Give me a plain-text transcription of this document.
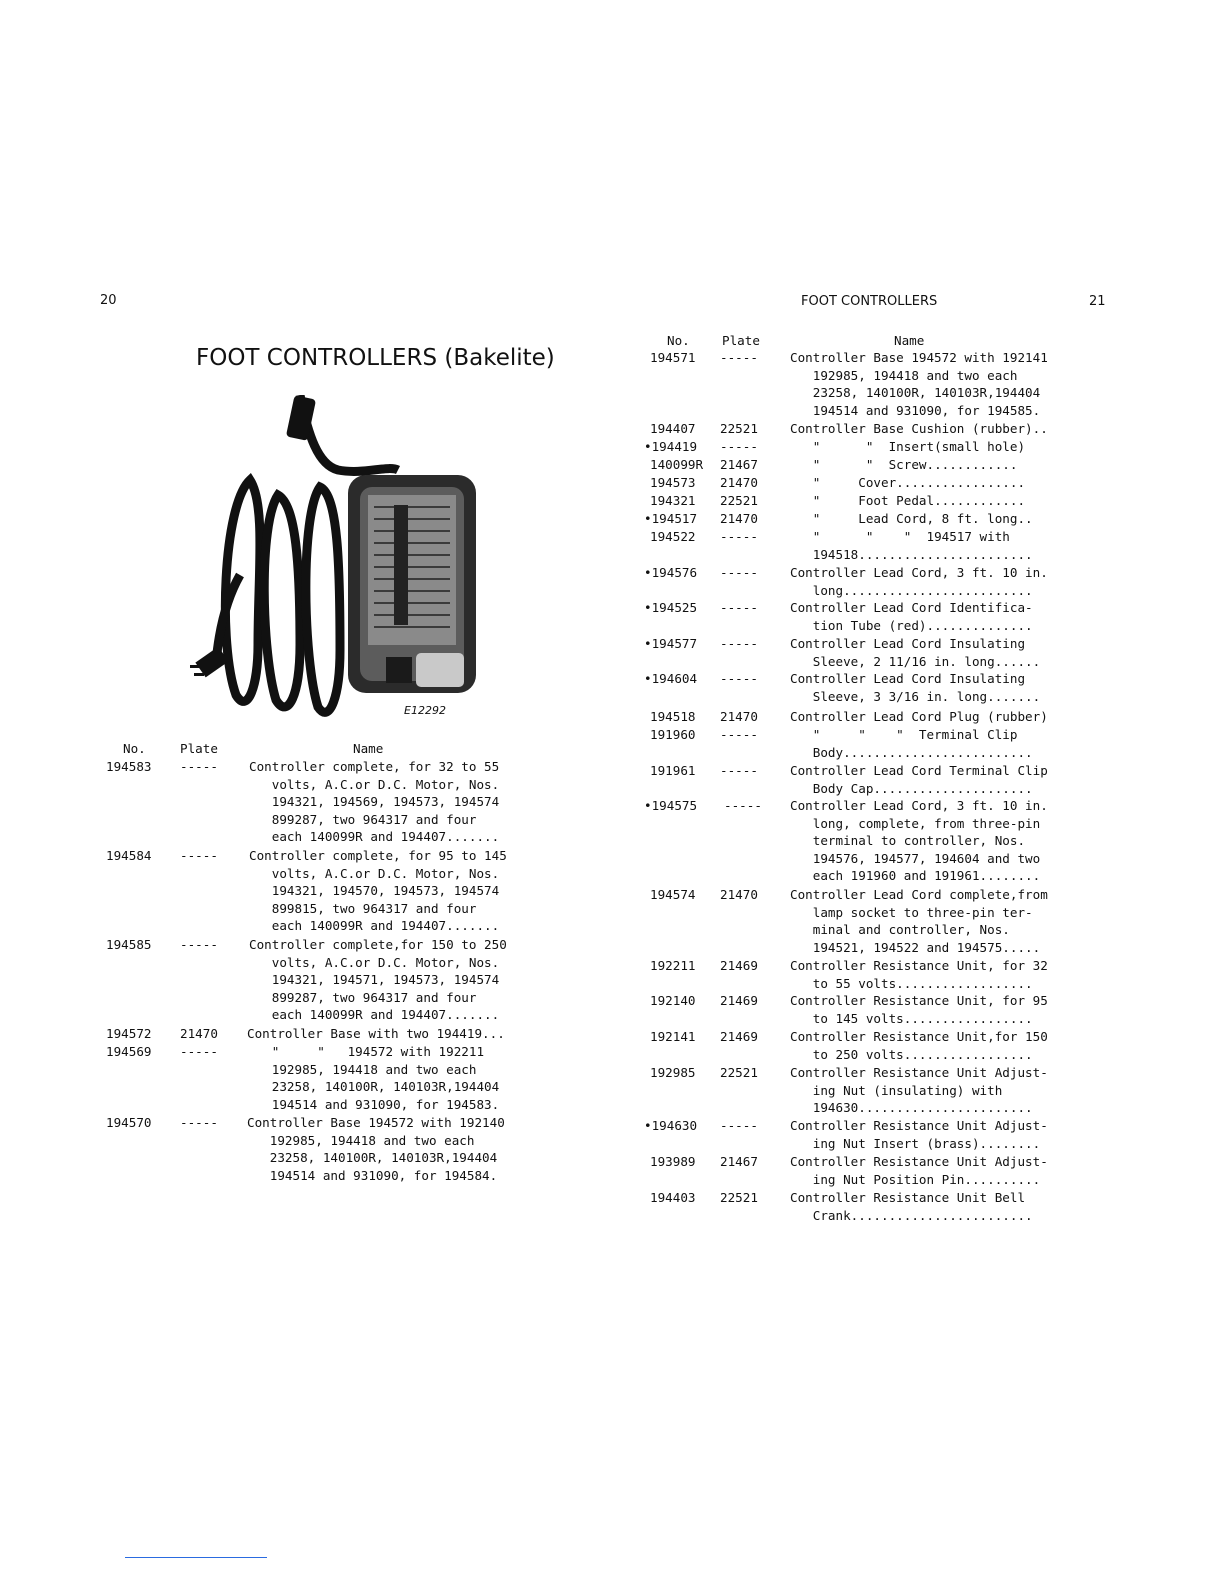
20
FOOT CONTROLLERS (Bakelite)
E12292
No.	Plate	Name
194583 ----- Controller complete, for 32 to 55
volts, A.C.or D.C. Motor, Nos.
194321, 194569, 194573, 194574
899287, two 964317 and four
each 140099R and 194407.......
194584 ----- Controller complete, for 95 to 145
volts, A.C.or D.C. Motor, Nos.
194321, 194570, 194573, 194574
899815, two 964317 and four
each 140099R and 194407.......
194585 ----- Controller complete,for 150 to 250
volts, A.C.or D.C. Motor, Nos.
194321, 194571, 194573, 194574
899287, two 964317 and four
each 140099R and 194407.......
194572 21470 Controller Base with two 194419...
194569 -----	"     "   194572 with 192211
192985, 194418 and two each
23258, 140100R, 140103R,194404
194514 and 931090, for 194583.
194570 ----- Controller Base 194572 with 192140
192985, 194418 and two each
23258, 140100R, 140103R,194404
194514 and 931090, for 194584.
FOOT CONTROLLERS	21
No.	Plate	Name
194571 -----	Controller Base 194572 with 192141
192985, 194418 and two each
23258, 140100R, 140103R,194404
194514 and 931090, for 194585.
194407 22521	Controller Base Cushion (rubber)..
•194419 -----	"      "  Insert(small hole)
140099R 21467	"      "  Screw............
194573 21470	"     Cover.................
194321 22521	"     Foot Pedal............
•194517 21470	"     Lead Cord, 8 ft. long..
194522 -----	"      "    "  194517 with
194518.......................
•194576 -----	Controller Lead Cord, 3 ft. 10 in.
long.........................
•194525 -----	Controller Lead Cord Identifica-
tion Tube (red)..............
•194577 -----	Controller Lead Cord Insulating
Sleeve, 2 11/16 in. long......
•194604 -----	Controller Lead Cord Insulating
Sleeve, 3 3/16 in. long.......
194518 21470	Controller Lead Cord Plug (rubber)
191960 -----	"     "    "  Terminal Clip
Body.........................
191961 -----	Controller Lead Cord Terminal Clip
Body Cap.....................
•194575 ----- Controller Lead Cord, 3 ft. 10 in.
long, complete, from three-pin
terminal to controller, Nos.
194576, 194577, 194604 and two
each 191960 and 191961........
194574 21470	Controller Lead Cord complete,from
lamp socket to three-pin ter-
minal and controller, Nos.
194521, 194522 and 194575.....
192211 21469	Controller Resistance Unit, for 32
to 55 volts..................
192140 21469	Controller Resistance Unit, for 95
to 145 volts.................
192141 21469	Controller Resistance Unit,for 150
to 250 volts.................
192985 22521	Controller Resistance Unit Adjust-
ing Nut (insulating) with
194630.......................
•194630 -----	Controller Resistance Unit Adjust-
ing Nut Insert (brass)........
193989 21467	Controller Resistance Unit Adjust-
ing Nut Position Pin..........
194403 22521	Controller Resistance Unit Bell
Crank........................
